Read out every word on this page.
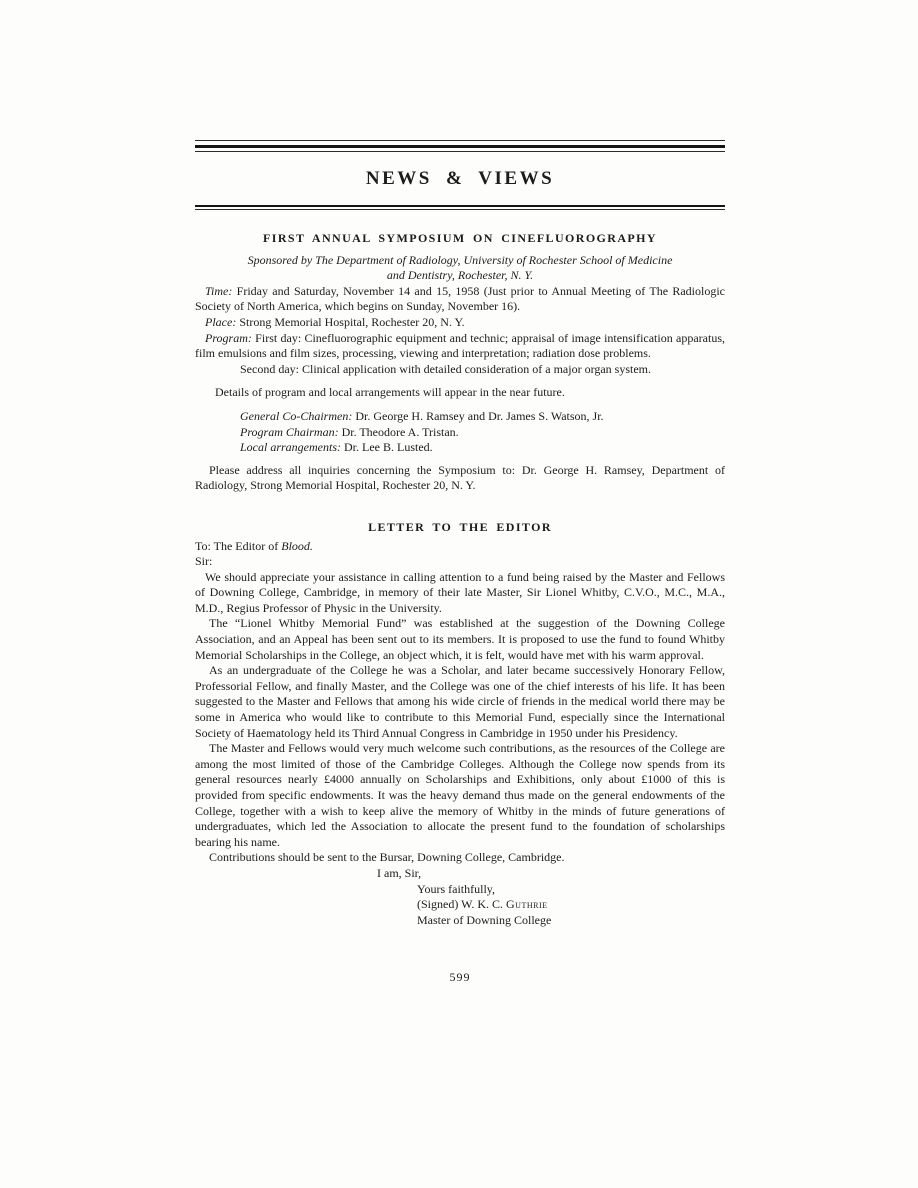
NEWS & VIEWS
FIRST ANNUAL SYMPOSIUM ON CINEFLUOROGRAPHY

Sponsored by The Department of Radiology, University of Rochester School of Medicine
and Dentistry, Rochester, N. Y.

Time: Friday and Saturday, November 14 and 15, 1958 (Just prior to Annual Meeting of The Radiologic Society of North America, which begins on Sunday, November 16).

Place: Strong Memorial Hospital, Rochester 20, N. Y.

Program: First day: Cinefluorographic equipment and technic; appraisal of image intensification apparatus, film emulsions and film sizes, processing, viewing and interpretation; radiation dose problems.

Second day: Clinical application with detailed consideration of a major organ system.

Details of program and local arrangements will appear in the near future.

General Co-Chairmen: Dr. George H. Ramsey and Dr. James S. Watson, Jr.

Program Chairman: Dr. Theodore A. Tristan.

Local arrangements: Dr. Lee B. Lusted.

Please address all inquiries concerning the Symposium to: Dr. George H. Ramsey, Department of Radiology, Strong Memorial Hospital, Rochester 20, N. Y.

LETTER TO THE EDITOR

To: The Editor of Blood.

Sir:

We should appreciate your assistance in calling attention to a fund being raised by the Master and Fellows of Downing College, Cambridge, in memory of their late Master, Sir Lionel Whitby, C.V.O., M.C., M.A., M.D., Regius Professor of Physic in the University.

The “Lionel Whitby Memorial Fund” was established at the suggestion of the Downing College Association, and an Appeal has been sent out to its members. It is proposed to use the fund to found Whitby Memorial Scholarships in the College, an object which, it is felt, would have met with his warm approval.

As an undergraduate of the College he was a Scholar, and later became successively Honorary Fellow, Professorial Fellow, and finally Master, and the College was one of the chief interests of his life. It has been suggested to the Master and Fellows that among his wide circle of friends in the medical world there may be some in America who would like to contribute to this Memorial Fund, especially since the International Society of Haematology held its Third Annual Congress in Cambridge in 1950 under his Presidency.

The Master and Fellows would very much welcome such contributions, as the resources of the College are among the most limited of those of the Cambridge Colleges. Although the College now spends from its general resources nearly £4000 annually on Scholarships and Exhibitions, only about £1000 of this is provided from specific endowments. It was the heavy demand thus made on the general endowments of the College, together with a wish to keep alive the memory of Whitby in the minds of future generations of undergraduates, which led the Association to allocate the present fund to the foundation of scholarships bearing his name.

Contributions should be sent to the Bursar, Downing College, Cambridge.

I am, Sir,

Yours faithfully,

(Signed) W. K. C. Guthrie

Master of Downing College

599
